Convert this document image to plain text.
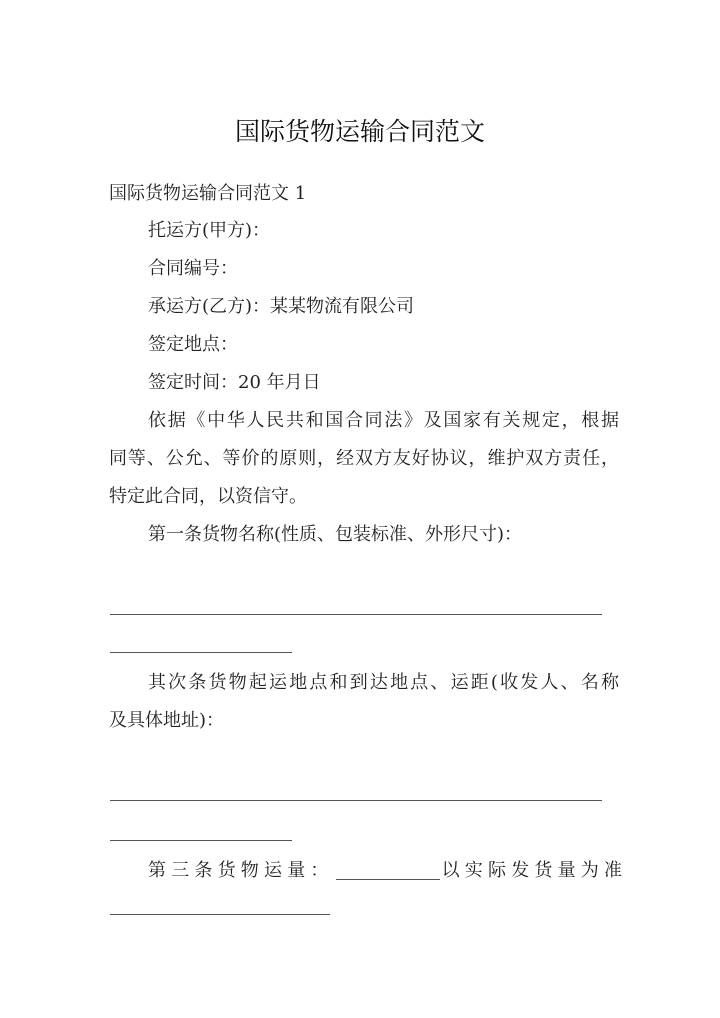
国际货物运输合同范文
国际货物运输合同范文 1
托运方(甲方)：
合同编号：
承运方(乙方)：某某物流有限公司
签定地点：
签定时间：20 年月日
依据《中华人民共和国合同法》及国家有关规定，根据
同等、公允、等价的原则，经双方友好协议，维护双方责任，
特定此合同，以资信守。
第一条货物名称(性质、包装标准、外形尺寸)：
其次条货物起运地点和到达地点、运距(收发人、名称
及具体地址)：
第三条货物运量：	以实际发货量为准
